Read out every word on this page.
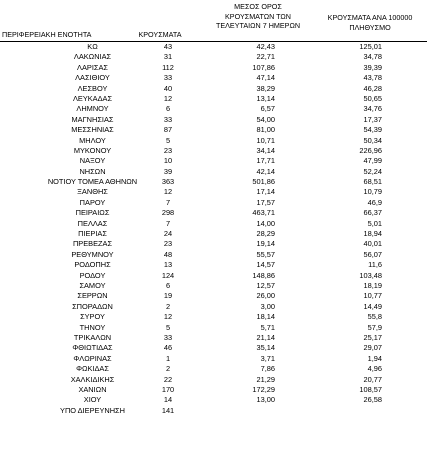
ΠΕΡΙΦΕΡΕΙΑΚΗ ΕΝΟΤΗΤΑ	ΚΡΟΥΣΜΑΤΑ
ΜΕΣΟΣ ΟΡΟΣ
ΚΡΟΥΣΜΑΤΩΝ ΤΩΝ
ΤΕΛΕΥΤΑΙΩΝ 7 ΗΜΕΡΩΝ
ΚΡΟΥΣΜΑΤΑ ΑΝΑ 100000
ΠΛΗΘΥΣΜΟ
ΚΩ	43	42,43	125,01
ΛΑΚΩΝΙΑΣ	31	22,71	34,78
ΛΑΡΙΣΑΣ	112	107,86	39,39
ΛΑΣΙΘΙΟΥ	33	47,14	43,78
ΛΕΣΒΟΥ	40	38,29	46,28
ΛΕΥΚΑΔΑΣ	12	13,14	50,65
ΛΗΜΝΟΥ	6	6,57	34,76
ΜΑΓΝΗΣΙΑΣ	33	54,00	17,37
ΜΕΣΣΗΝΙΑΣ	87	81,00	54,39
ΜΗΛΟΥ	5	10,71	50,34
ΜΥΚΟΝΟΥ	23	34,14	226,96
ΝΑΞΟΥ	10	17,71	47,99
ΝΗΣΩΝ	39	42,14	52,24
ΝΟΤΙΟΥ ΤΟΜΕΑ ΑΘΗΝΩΝ	363	501,86	68,51
ΞΑΝΘΗΣ	12	17,14	10,79
ΠΑΡΟΥ	7	17,57	46,9
ΠΕΙΡΑΙΩΣ	298	463,71	66,37
ΠΕΛΛΑΣ	7	14,00	5,01
ΠΙΕΡΙΑΣ	24	28,29	18,94
ΠΡΕΒΕΖΑΣ	23	19,14	40,01
ΡΕΘΥΜΝΟΥ	48	55,57	56,07
ΡΟΔΟΠΗΣ	13	14,57	11,6
ΡΟΔΟΥ	124	148,86	103,48
ΣΑΜΟΥ	6	12,57	18,19
ΣΕΡΡΩΝ	19	26,00	10,77
ΣΠΟΡΑΔΩΝ	2	3,00	14,49
ΣΥΡΟΥ	12	18,14	55,8
ΤΗΝΟΥ	5	5,71	57,9
ΤΡΙΚΑΛΩΝ	33	21,14	25,17
ΦΘΙΩΤΙΔΑΣ	46	35,14	29,07
ΦΛΩΡΙΝΑΣ	1	3,71	1,94
ΦΩΚΙΔΑΣ	2	7,86	4,96
ΧΑΛΚΙΔΙΚΗΣ	22	21,29	20,77
ΧΑΝΙΩΝ	170	172,29	108,57
ΧΙΟΥ	14	13,00	26,58
ΥΠΟ ΔΙΕΡΕΥΝΗΣΗ	141
